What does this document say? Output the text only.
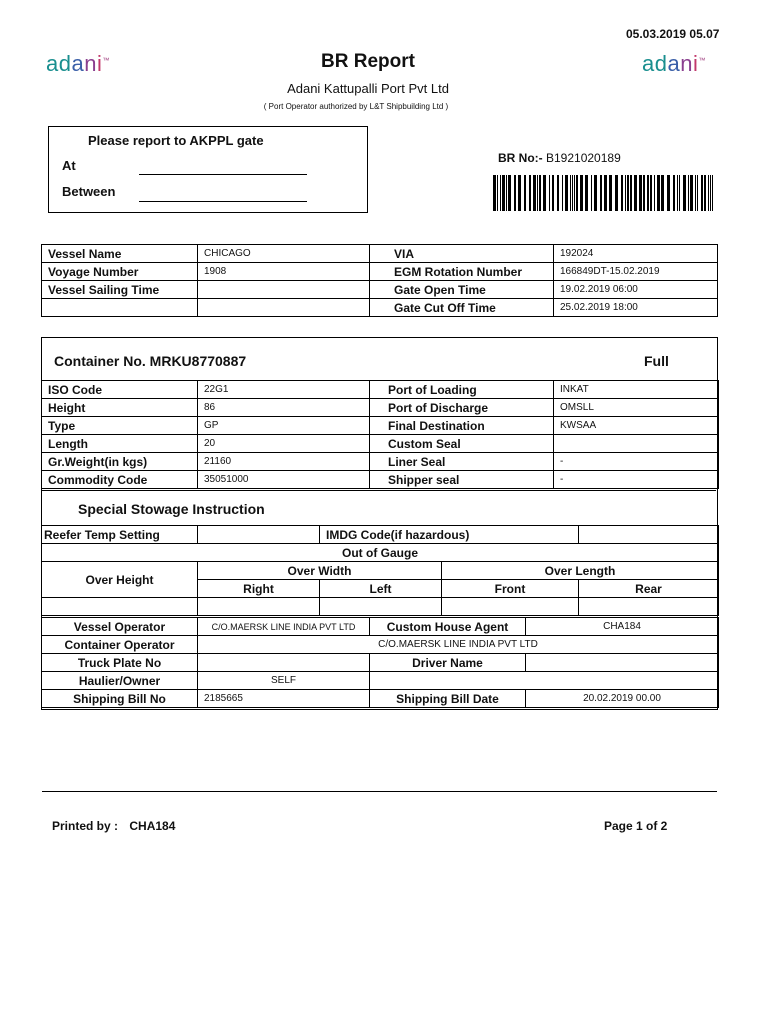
05.03.2019 05.07
adani™	adani™
BR Report
Adani Kattupalli Port Pvt Ltd
( Port Operator authorized by L&T Shipbuilding Ltd )
Please report to AKPPL gate
At
Between
BR No:- B1921020189
Vessel Name	CHICAGO	VIA	192024
Voyage Number	1908	EGM Rotation Number	166849DT-15.02.2019
Vessel Sailing Time		Gate Open Time	19.02.2019 06:00
		Gate Cut Off Time	25.02.2019 18:00
Container No. MRKU8770887	Full
ISO Code	22G1	Port of Loading	INKAT
Height	86	Port of Discharge	OMSLL
Type	GP	Final Destination	KWSAA
Length	20	Custom Seal	
Gr.Weight(in kgs)	21160	Liner Seal	-
Commodity Code	35051000	Shipper seal	-
Special Stowage Instruction
Reefer Temp Setting		IMDG Code(if hazardous)		
Out of Gauge				
Over Height	Over Width		Over Length	
	Right	Left	Front	Rear

Vessel Operator	C/O.MAERSK LINE INDIA PVT LTD	Custom House Agent	CHA184
Container Operator	C/O.MAERSK LINE INDIA PVT LTD		
Truck Plate No		Driver Name	
Haulier/Owner	SELF		
Shipping Bill No	2185665	Shipping Bill Date	20.02.2019 00.00
Printed by : CHA184	Page 1 of 2
